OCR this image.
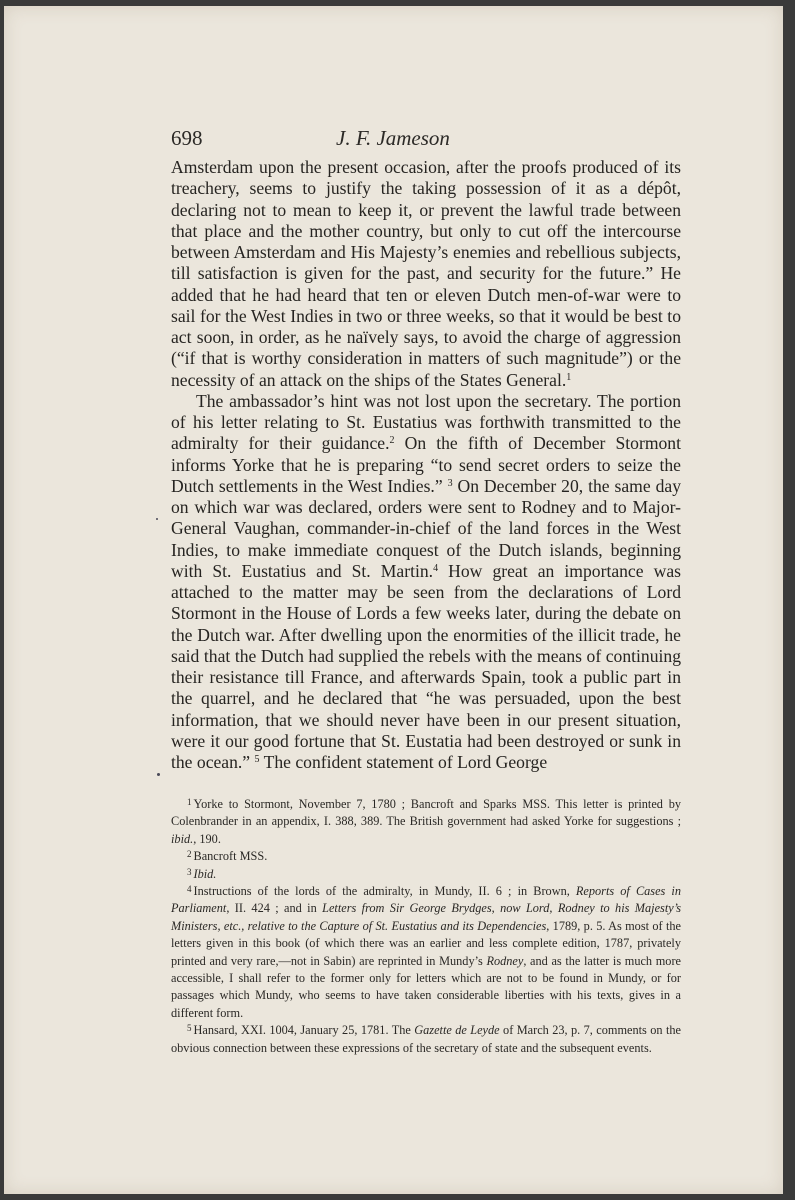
698	J. F. Jameson

Amsterdam upon the present occasion, after the proofs produced of its treachery, seems to justify the taking possession of it as a dépôt, declaring not to mean to keep it, or prevent the lawful trade between that place and the mother country, but only to cut off the intercourse between Amsterdam and His Majesty’s enemies and rebellious subjects, till satisfaction is given for the past, and security for the future.” He added that he had heard that ten or eleven Dutch men-of-war were to sail for the West Indies in two or three weeks, so that it would be best to act soon, in order, as he naïvely says, to avoid the charge of aggression (“if that is worthy consideration in matters of such magnitude”) or the necessity of an attack on the ships of the States General.$^1$

The ambassador’s hint was not lost upon the secretary. The portion of his letter relating to St. Eustatius was forthwith transmitted to the admiralty for their guidance.$^2$ On the fifth of December Stormont informs Yorke that he is preparing “to send secret orders to seize the Dutch settlements in the West Indies.” $^3$ On December 20, the same day on which war was declared, orders were sent to Rodney and to Major-General Vaughan, commander-in-chief of the land forces in the West Indies, to make immediate conquest of the Dutch islands, beginning with St. Eustatius and St. Martin.$^4$ How great an importance was attached to the matter may be seen from the declarations of Lord Stormont in the House of Lords a few weeks later, during the debate on the Dutch war. After dwelling upon the enormities of the illicit trade, he said that the Dutch had supplied the rebels with the means of continuing their resistance till France, and afterwards Spain, took a public part in the quarrel, and he declared that “he was persuaded, upon the best information, that we should never have been in our present situation, were it our good fortune that St. Eustatia had been destroyed or sunk in the ocean.” $^5$ The confident statement of Lord George

$^1$ Yorke to Stormont, November 7, 1780 ; Bancroft and Sparks MSS. This letter is printed by Colenbrander in an appendix, I. 388, 389. The British government had asked Yorke for suggestions ; ibid., 190.

$^2$ Bancroft MSS.

$^3$ Ibid.

$^4$ Instructions of the lords of the admiralty, in Mundy, II. 6 ; in Brown, Reports of Cases in Parliament, II. 424 ; and in Letters from Sir George Brydges, now Lord, Rodney to his Majesty’s Ministers, etc., relative to the Capture of St. Eustatius and its Dependencies, 1789, p. 5. As most of the letters given in this book (of which there was an earlier and less complete edition, 1787, privately printed and very rare,—not in Sabin) are reprinted in Mundy’s Rodney, and as the latter is much more accessible, I shall refer to the former only for letters which are not to be found in Mundy, or for passages which Mundy, who seems to have taken considerable liberties with his texts, gives in a different form.

$^5$ Hansard, XXI. 1004, January 25, 1781. The Gazette de Leyde of March 23, p. 7, comments on the obvious connection between these expressions of the secretary of state and the subsequent events.
